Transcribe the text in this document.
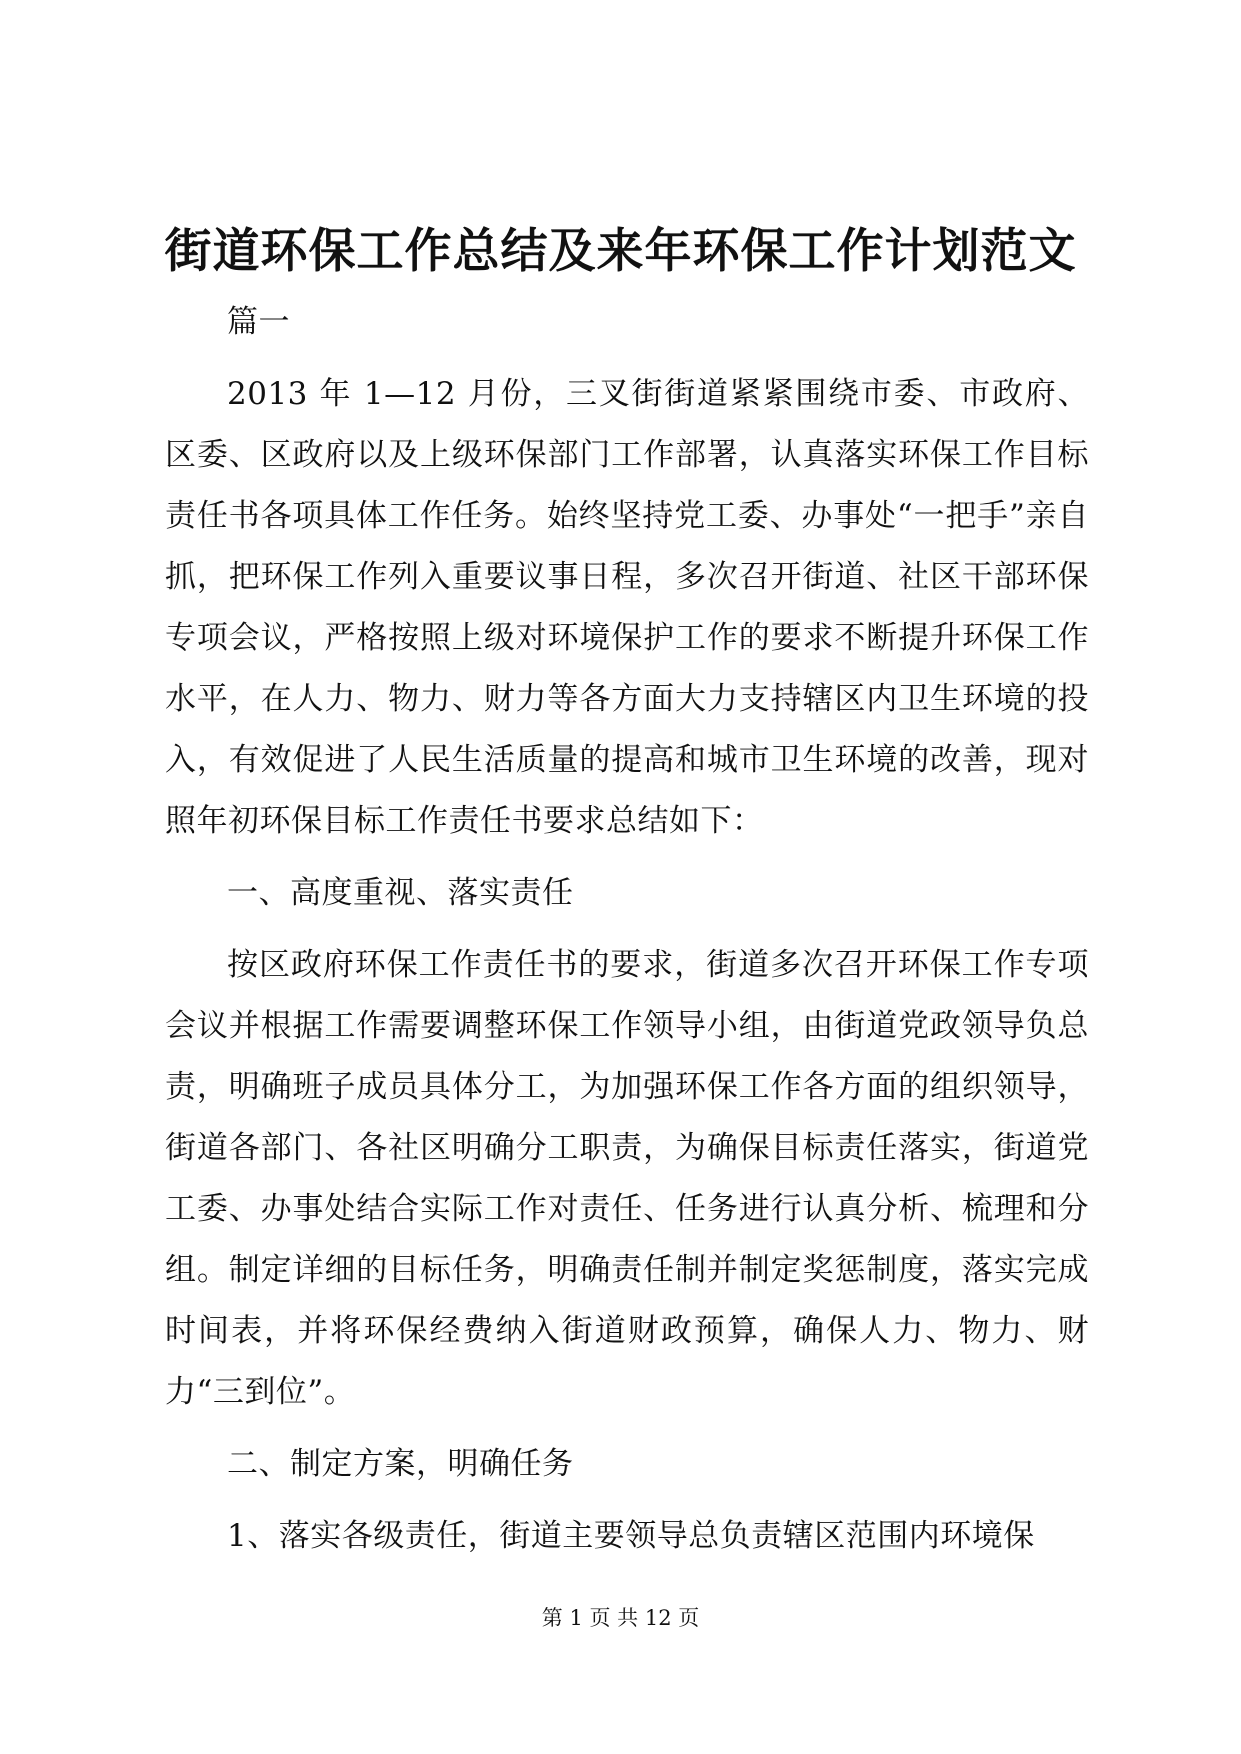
街道环保工作总结及来年环保工作计划范文

篇一

2013 年 1—12 月份，三叉街街道紧紧围绕市委、市政府、区委、区政府以及上级环保部门工作部署，认真落实环保工作目标责任书各项具体工作任务。始终坚持党工委、办事处“一把手”亲自抓，把环保工作列入重要议事日程，多次召开街道、社区干部环保专项会议，严格按照上级对环境保护工作的要求不断提升环保工作水平，在人力、物力、财力等各方面大力支持辖区内卫生环境的投入，有效促进了人民生活质量的提高和城市卫生环境的改善，现对照年初环保目标工作责任书要求总结如下：

一、高度重视、落实责任

按区政府环保工作责任书的要求，街道多次召开环保工作专项会议并根据工作需要调整环保工作领导小组，由街道党政领导负总责，明确班子成员具体分工，为加强环保工作各方面的组织领导，街道各部门、各社区明确分工职责，为确保目标责任落实，街道党工委、办事处结合实际工作对责任、任务进行认真分析、梳理和分组。制定详细的目标任务，明确责任制并制定奖惩制度，落实完成时间表，并将环保经费纳入街道财政预算，确保人力、物力、财力“三到位”。

二、制定方案，明确任务

1、落实各级责任，街道主要领导总负责辖区范围内环境保

第 1 页 共 12 页
